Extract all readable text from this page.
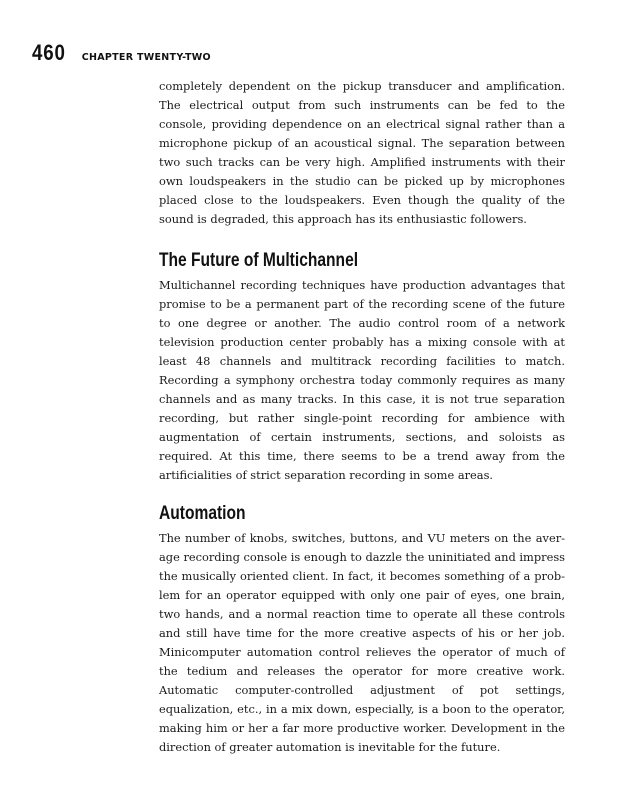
460 CHAPTER TWENTY-TWO

completely dependent on the pickup transducer and amplification. The electrical output from such instruments can be fed to the console, providing dependence on an electrical signal rather than a microphone pickup of an acoustical signal. The separation between two such tracks can be very high. Amplified instruments with their own loudspeakers in the studio can be picked up by microphones placed close to the loudspeakers. Even though the quality of the sound is degraded, this approach has its enthusiastic followers.

The Future of Multichannel

Multichannel recording techniques have production advantages that promise to be a permanent part of the recording scene of the future to one degree or another. The audio control room of a network television production center probably has a mixing console with at least 48 channels and multitrack recording facilities to match. Recording a symphony orchestra today commonly requires as many channels and as many tracks. In this case, it is not true separation recording, but rather single-point recording for ambience with augmentation of certain instruments, sections, and soloists as required. At this time, there seems to be a trend away from the artificialities of strict separation recording in some areas.

Automation

The number of knobs, switches, buttons, and VU meters on the average recording console is enough to dazzle the uninitiated and impress the musically oriented client. In fact, it becomes something of a problem for an operator equipped with only one pair of eyes, one brain, two hands, and a normal reaction time to operate all these controls and still have time for the more creative aspects of his or her job. Minicomputer automation control relieves the operator of much of the tedium and releases the operator for more creative work. Automatic computer-controlled adjustment of pot settings, equalization, etc., in a mix down, especially, is a boon to the operator, making him or her a far more productive worker. Development in the direction of greater automation is inevitable for the future.
